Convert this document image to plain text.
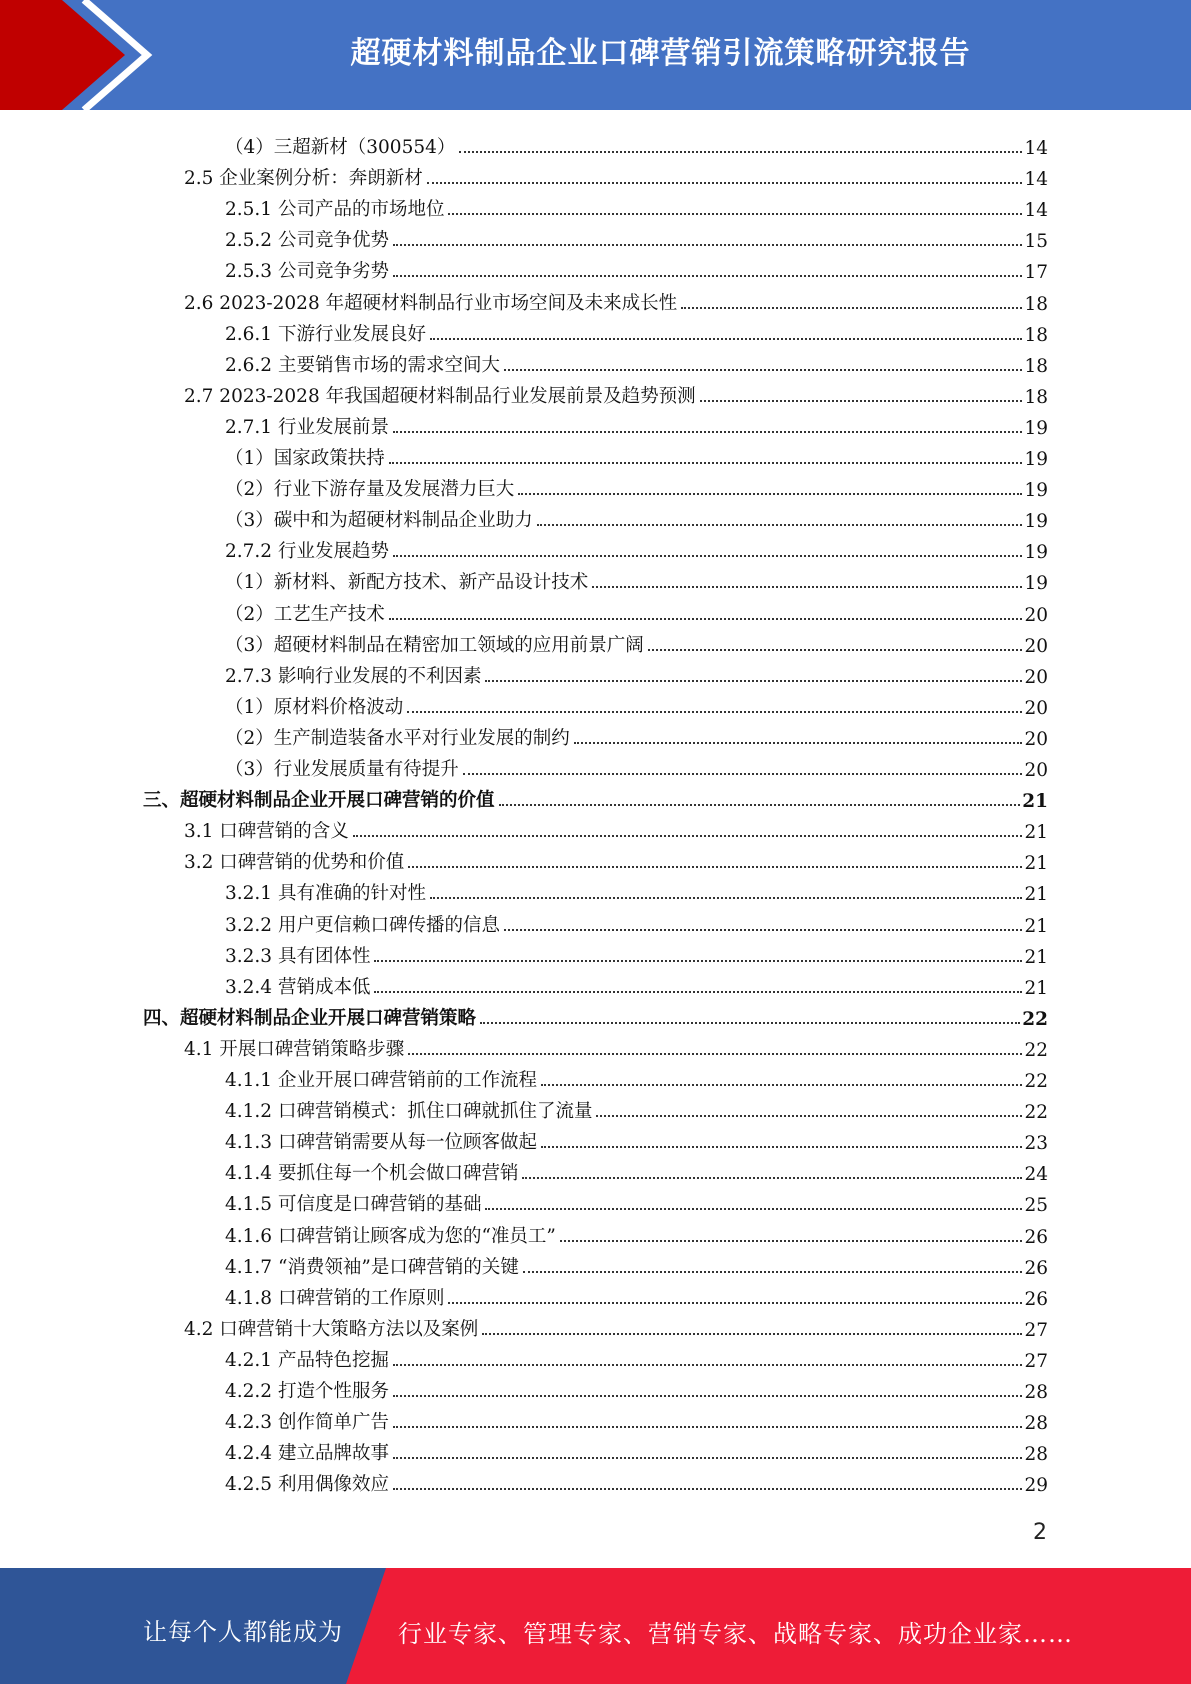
超硬材料制品企业口碑营销引流策略研究报告
（4）三超新材（300554）	14
2.5 企业案例分析：奔朗新材	14
2.5.1 公司产品的市场地位	14
2.5.2 公司竞争优势	15
2.5.3 公司竞争劣势	17
2.6 2023-2028 年超硬材料制品行业市场空间及未来成长性	18
2.6.1 下游行业发展良好	18
2.6.2 主要销售市场的需求空间大	18
2.7 2023-2028 年我国超硬材料制品行业发展前景及趋势预测	18
2.7.1 行业发展前景	19
（1）国家政策扶持	19
（2）行业下游存量及发展潜力巨大	19
（3）碳中和为超硬材料制品企业助力	19
2.7.2 行业发展趋势	19
（1）新材料、新配方技术、新产品设计技术	19
（2）工艺生产技术	20
（3）超硬材料制品在精密加工领域的应用前景广阔	20
2.7.3 影响行业发展的不利因素	20
（1）原材料价格波动	20
（2）生产制造装备水平对行业发展的制约	20
（3）行业发展质量有待提升	20
三、超硬材料制品企业开展口碑营销的价值	21
3.1 口碑营销的含义	21
3.2 口碑营销的优势和价值	21
3.2.1 具有准确的针对性	21
3.2.2 用户更信赖口碑传播的信息	21
3.2.3 具有团体性	21
3.2.4 营销成本低	21
四、超硬材料制品企业开展口碑营销策略	22
4.1 开展口碑营销策略步骤	22
4.1.1 企业开展口碑营销前的工作流程	22
4.1.2 口碑营销模式：抓住口碑就抓住了流量	22
4.1.3 口碑营销需要从每一位顾客做起	23
4.1.4 要抓住每一个机会做口碑营销	24
4.1.5 可信度是口碑营销的基础	25
4.1.6 口碑营销让顾客成为您的“准员工”	26
4.1.7 “消费领袖”是口碑营销的关键	26
4.1.8 口碑营销的工作原则	26
4.2 口碑营销十大策略方法以及案例	27
4.2.1 产品特色挖掘	27
4.2.2 打造个性服务	28
4.2.3 创作简单广告	28
4.2.4 建立品牌故事	28
4.2.5 利用偶像效应	29
2
让每个人都能成为 行业专家、管理专家、营销专家、战略专家、成功企业家……
